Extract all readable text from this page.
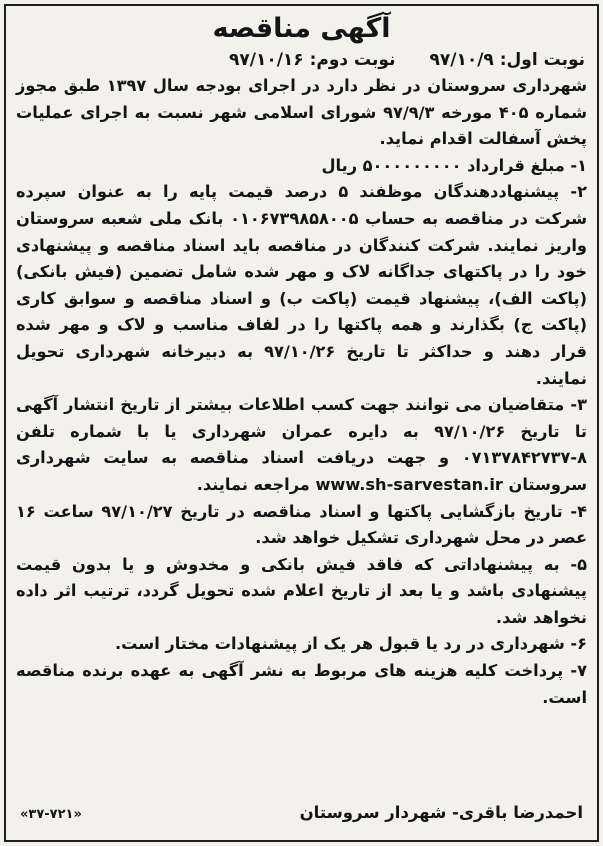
آگهی مناقصه
نوبت اول: ۹۷/۱۰/۹
نوبت دوم: ۹۷/۱۰/۱۶

شهرداری سروستان در نظر دارد در اجرای بودجه سال ۱۳۹۷ طبق مجوز شماره ۴۰۵ مورخه ۹۷/۹/۳ شورای اسلامی شهر نسبت به اجرای عملیات پخش آسفالت اقدام نماید.

۱- مبلغ قرارداد ۵۰۰۰۰۰۰۰۰۰ ریال

۲- پیشنهاددهندگان موظفند ۵ درصد قیمت پایه را به عنوان سپرده شرکت در مناقصه به حساب ۰۱۰۶۷۳۹۸۵۸۰۰۵ بانک ملی شعبه سروستان واریز نمایند. شرکت کنندگان در مناقصه باید اسناد مناقصه و پیشنهادی خود را در پاکتهای جداگانه لاک و مهر شده شامل تضمین (فیش بانکی) (پاکت الف)، پیشنهاد قیمت (پاکت ب) و اسناد مناقصه و سوابق کاری (پاکت ج) بگذارند و همه پاکتها را در لفاف مناسب و لاک و مهر شده قرار دهند و حداکثر تا تاریخ ۹۷/۱۰/۲۶ به دبیرخانه شهرداری تحویل نمایند.

۳- متقاضیان می توانند جهت کسب اطلاعات بیشتر از تاریخ انتشار آگهی تا تاریخ ۹۷/۱۰/۲۶ به دایره عمران شهرداری یا با شماره تلفن ۸-۰۷۱۳۷۸۴۲۷۳۷ و جهت دریافت اسناد مناقصه به سایت شهرداری سروستان www.sh-sarvestan.ir مراجعه نمایند.

۴- تاریخ بازگشایی پاکتها و اسناد مناقصه در تاریخ ۹۷/۱۰/۲۷ ساعت ۱۶ عصر در محل شهرداری تشکیل خواهد شد.

۵- به پیشنهاداتی که فاقد فیش بانکی و مخدوش و یا بدون قیمت پیشنهادی باشد و یا بعد از تاریخ اعلام شده تحویل گردد، ترتیب اثر داده نخواهد شد.

۶- شهرداری در رد یا قبول هر یک از پیشنهادات مختار است.

۷- پرداخت کلیه هزینه های مربوط به نشر آگهی به عهده برنده مناقصه است.

احمدرضا باقری- شهردار سروستان
«۳۷-۷۲۱»
